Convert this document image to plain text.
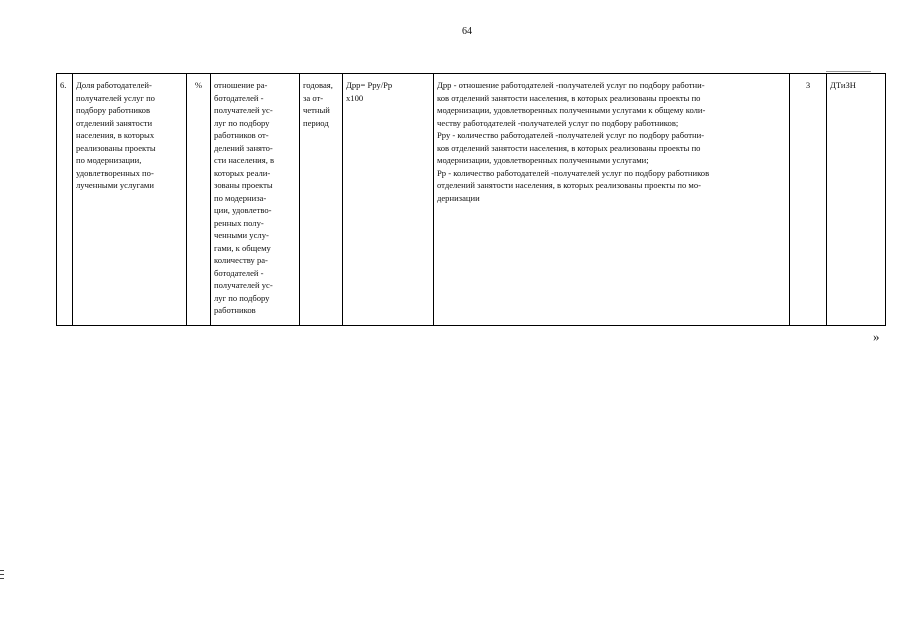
64
6.	Доля работодателей-
получателей услуг по
подбору работников
отделений занятости
населения, в которых
реализованы проекты
по модернизации,
удовлетворенных по-
лученными услугами	%	отношение ра-
ботодателей -
получателей ус-
луг по подбору
работников от-
делений занято-
сти населения, в
которых реали-
зованы проекты
по модерниза-
ции, удовлетво-
ренных полу-
ченными услу-
гами, к общему
количеству ра-
ботодателей -
получателей ус-
луг по подбору
работников	годовая,
за от-
четный
период	Дрр= Рру/Рр
х100	Дрр - отношение работодателей -получателей услуг по подбору работни-
ков отделений занятости населения, в которых реализованы проекты по
модернизации, удовлетворенных полученными услугами к общему коли-
честву работодателей -получателей услуг по подбору работников;
Рру - количество работодателей -получателей услуг по подбору работни-
ков отделений занятости населения, в которых реализованы проекты по
модернизации, удовлетворенных полученными услугами;
Рр - количество работодателей -получателей услуг по подбору работников
отделений занятости населения, в которых реализованы проекты по мо-
дернизации	3	ДТиЗН
»
